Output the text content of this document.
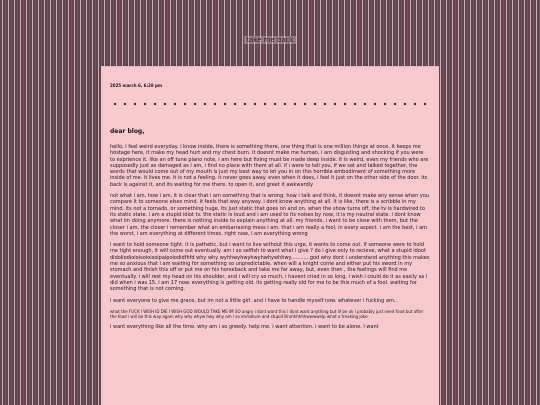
take me back
2025 march 6, 6:28 pm
dear blog,

hello, i feel weird everyday. i know inside, there is something there, one thing that is one million things at once. it keeps me hostage here, it make my head hurt and my chest burn. it doesnt make me human, i am disgusting and shocking if you were to exprience it. like an off tune piano note, i am here but fixing must be made deep inside. it is weird, even my friends who are supposedly just as damaged as i am, i find no place with them at all. if i were to tell you, if we sat and talked together, the words that would come out of my mouth is just my best way to let you in on this horrible embodiment of something more inside of me. it lives me. it is not a feeling. it never goes away. even when it does, i feel it just on the other side of the door. its back is against it, and its waiting for me there. to open it, and greet it awkwardly

not what i am, how i am, it is clear that i am something that is wrong. how i talk and think, it doesnt make any sense when you compare it to someone elses mind. it feels that way anyway. i dont know anything at all. it is like, there is a scribble in my mind. its not a tornado, or something huge, its just static that goes on and on. when the show turns off, the tv is hardwired to its static state. i am a stupid idiot tv. the static is loud and i am used to its noises by now, it is my neutral state. i dont know what im doing anymore. there is nothing inside to explain anything at all. my friends, i want to be close with them, but the closer i am, the closer i remember what an embarrasing mess i am. that i am really a fool, in every aspect. i am the best, i am the worst, i am everything at different times. right now, i am everything wrong

i want to hold someone tight. it is pathetic, but i want to live without this urge, it wants to come out. if someone were to hold me tight enough, it will come out eventually. am i so selfish to want what i give ? do i give only to recieve, what a stupid idoot didoliodioioisoioisoipaipoiodidfhfd why why wyhhwyhwyhwyhwhywhhwy........... god why dont i understand anything this makes me so anxious that i am waiting for something so unpredictable. when will a knight come and either put his sword in my stomach and finish this off or put me on his horseback and take me far away, but, even then , the feelings will find me eventually. i will rest my head on his shoulder, and i will cry so much, i havent cried in so long, i wish i could do it as easily as i did when i was 15. i am 17 now. everything is getting old. its getting really old for me to be this much of a fool. waiting for something that is not coming.

i want everyone to give me grace, but im not a little girl. and i have to handle myself now. whatever i fucking am..

what the FUCK I WISH ID DIE I WISH GOD WOULD TAKE ME IM SO angry i dont want this i dont want anything but ill be ok i probably just need food but after the food i will be this way again why why whyw hwy why am i so immature and stupid Bruhhhhhhwwwwelp what a freaking joke

i want everything like all the time. why am i so greedy. help me. i want attention. i want to be alone. i want
